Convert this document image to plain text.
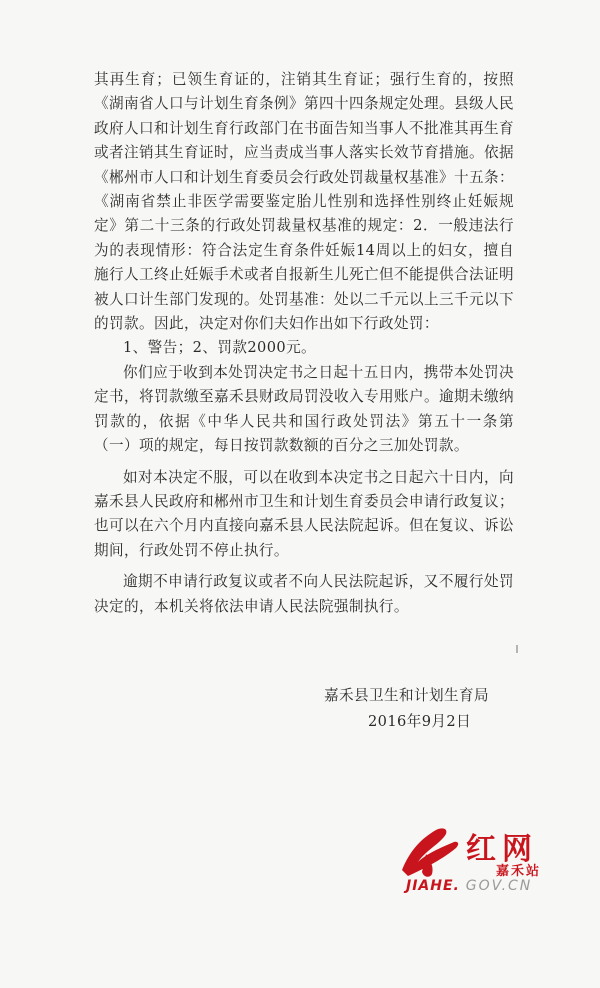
其再生育；已领生育证的，注销其生育证；强行生育的，按照《湖南省人口与计划生育条例》第四十四条规定处理。县级人民政府人口和计划生育行政部门在书面告知当事人不批准其再生育或者注销其生育证时，应当责成当事人落实长效节育措施。依据《郴州市人口和计划生育委员会行政处罚裁量权基准》十五条：《湖南省禁止非医学需要鉴定胎儿性别和选择性别终止妊娠规定》第二十三条的行政处罚裁量权基准的规定：2．一般违法行为的表现情形：符合法定生育条件妊娠14周以上的妇女，擅自施行人工终止妊娠手术或者自报新生儿死亡但不能提供合法证明被人口计生部门发现的。处罚基准：处以二千元以上三千元以下的罚款。因此，决定对你们夫妇作出如下行政处罚：

1、警告；2、罚款2000元。

你们应于收到本处罚决定书之日起十五日内，携带本处罚决定书，将罚款缴至嘉禾县财政局罚没收入专用账户。逾期未缴纳罚款的，依据《中华人民共和国行政处罚法》第五十一条第（一）项的规定，每日按罚款数额的百分之三加处罚款。

如对本决定不服，可以在收到本决定书之日起六十日内，向嘉禾县人民政府和郴州市卫生和计划生育委员会申请行政复议；也可以在六个月内直接向嘉禾县人民法院起诉。但在复议、诉讼期间，行政处罚不停止执行。

逾期不申请行政复议或者不向人民法院起诉，又不履行处罚决定的，本机关将依法申请人民法院强制执行。

嘉禾县卫生和计划生育局
2016年9月2日
红网
嘉禾站
JIAHE. GOV.CN
